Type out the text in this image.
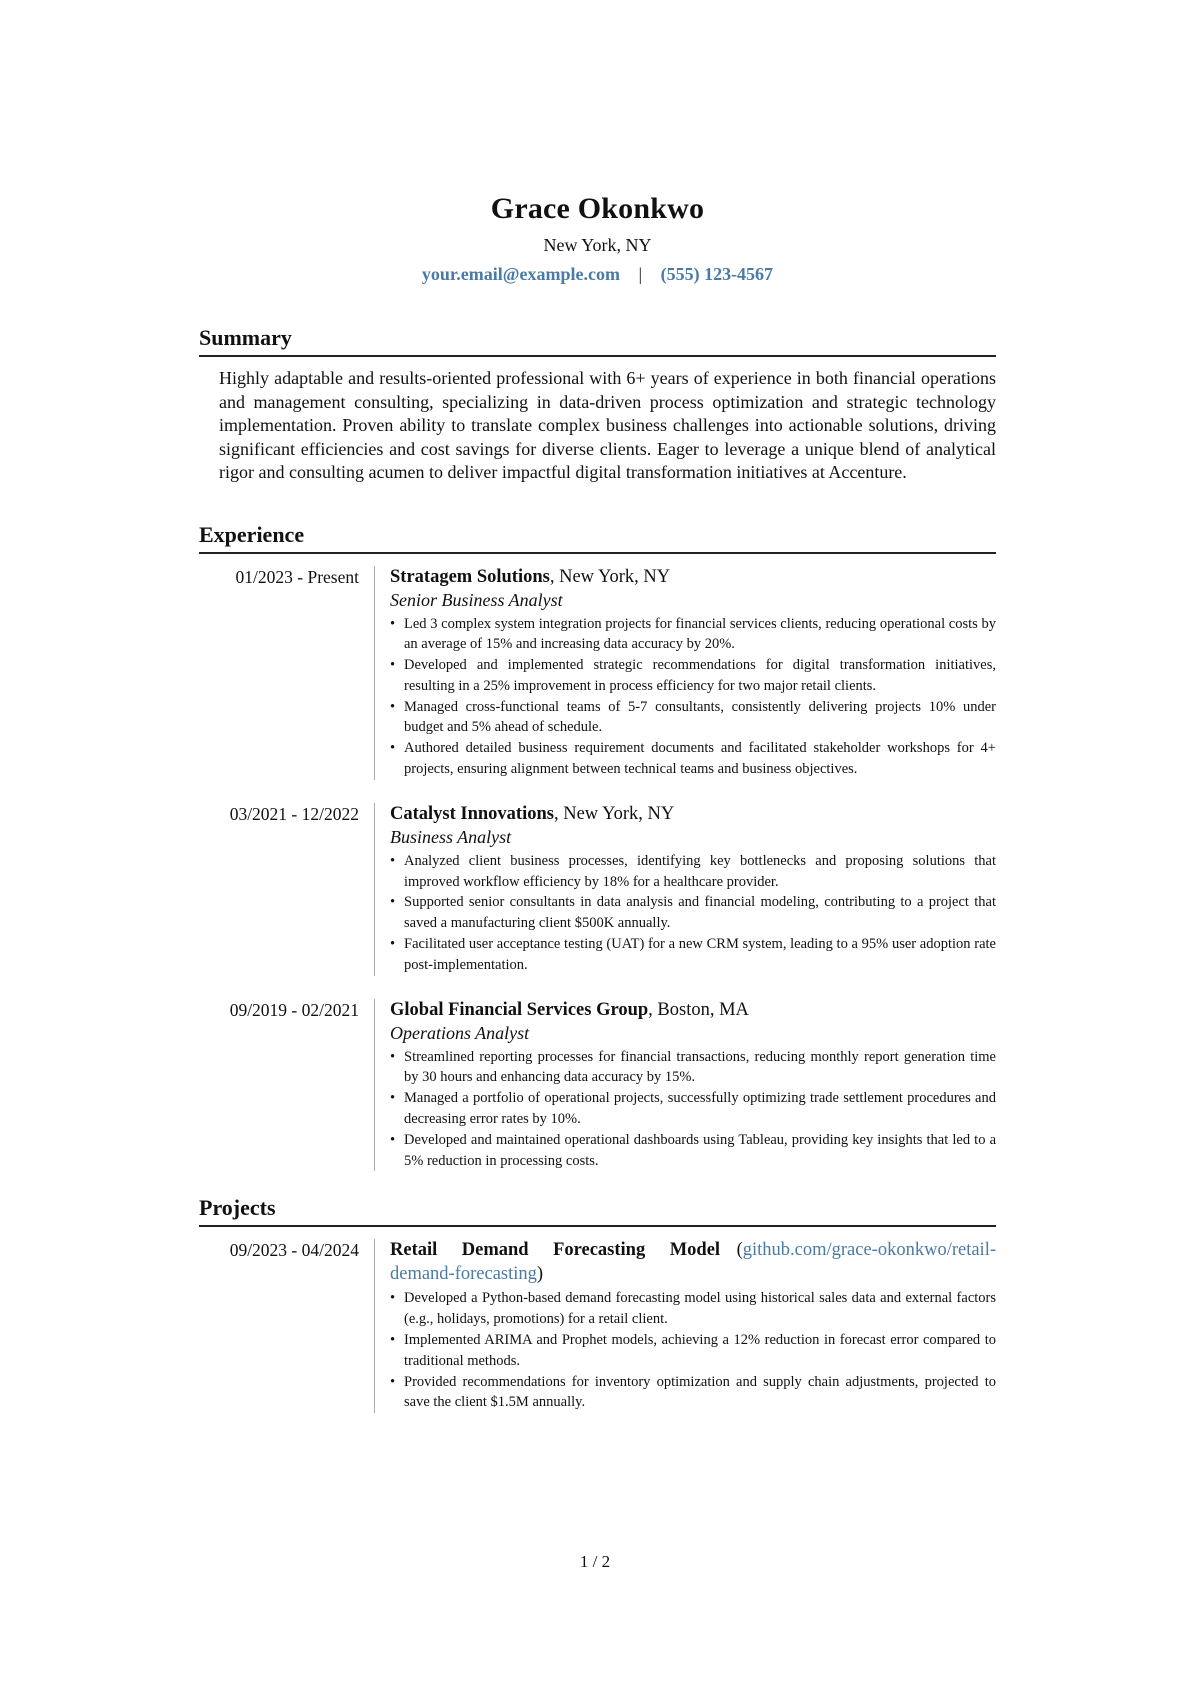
Grace Okonkwo
New York, NY
your.email@example.com | (555) 123-4567
Summary
Highly adaptable and results-oriented professional with 6+ years of experience in both financial operations and management consulting, specializing in data-driven process optimization and strategic technology implementation. Proven ability to translate complex business challenges into actionable solutions, driving significant efficiencies and cost savings for diverse clients. Eager to leverage a unique blend of analytical rigor and consulting acumen to deliver impactful digital transformation initiatives at Accenture.
Experience
01/2023 - Present	Stratagem Solutions, New York, NY
Senior Business Analyst
• Led 3 complex system integration projects for financial services clients, reducing operational costs by an average of 15% and increasing data accuracy by 20%.
• Developed and implemented strategic recommendations for digital transformation initiatives, resulting in a 25% improvement in process efficiency for two major retail clients.
• Managed cross-functional teams of 5-7 consultants, consistently delivering projects 10% under budget and 5% ahead of schedule.
• Authored detailed business requirement documents and facilitated stakeholder workshops for 4+ projects, ensuring alignment between technical teams and business objectives.
03/2021 - 12/2022	Catalyst Innovations, New York, NY
Business Analyst
• Analyzed client business processes, identifying key bottlenecks and proposing solutions that improved workflow efficiency by 18% for a healthcare provider.
• Supported senior consultants in data analysis and financial modeling, contributing to a project that saved a manufacturing client $500K annually.
• Facilitated user acceptance testing (UAT) for a new CRM system, leading to a 95% user adoption rate post-implementation.
09/2019 - 02/2021	Global Financial Services Group, Boston, MA
Operations Analyst
• Streamlined reporting processes for financial transactions, reducing monthly report generation time by 30 hours and enhancing data accuracy by 15%.
• Managed a portfolio of operational projects, successfully optimizing trade settlement procedures and decreasing error rates by 10%.
• Developed and maintained operational dashboards using Tableau, providing key insights that led to a 5% reduction in processing costs.
Projects
09/2023 - 04/2024	Retail Demand Forecasting Model (github.com/grace-okonkwo/retail-demand-forecasting)
• Developed a Python-based demand forecasting model using historical sales data and external factors (e.g., holidays, promotions) for a retail client.
• Implemented ARIMA and Prophet models, achieving a 12% reduction in forecast error compared to traditional methods.
• Provided recommendations for inventory optimization and supply chain adjustments, projected to save the client $1.5M annually.
1 / 2
